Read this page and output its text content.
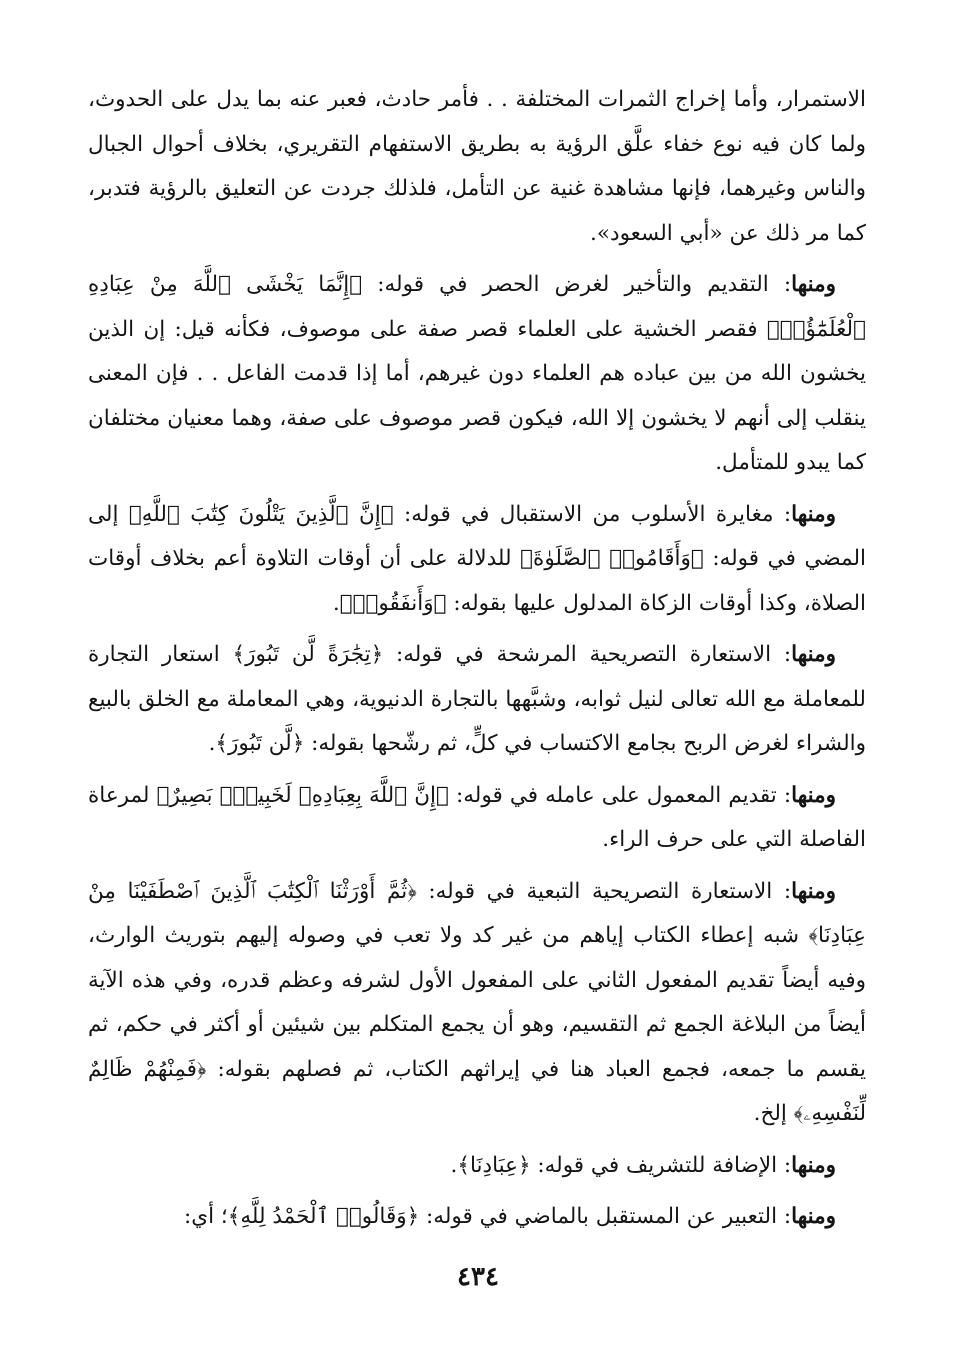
الاستمرار، وأما إخراج الثمرات المختلفة . . فأمر حادث، فعبر عنه بما يدل على الحدوث، ولما كان فيه نوع خفاء علَّق الرؤية به بطريق الاستفهام التقريري، بخلاف أحوال الجبال والناس وغيرهما، فإنها مشاهدة غنية عن التأمل، فلذلك جردت عن التعليق بالرؤية فتدبر، كما مر ذلك عن «أبي السعود».

ومنها: التقديم والتأخير لغرض الحصر في قوله: ﴿إِنَّمَا يَخْشَى ٱللَّهَ مِنْ عِبَادِهِ ٱلْعُلَمَٰٓؤُا۟﴾ فقصر الخشية على العلماء قصر صفة على موصوف، فكأنه قيل: إن الذين يخشون الله من بين عباده هم العلماء دون غيرهم، أما إذا قدمت الفاعل . . فإن المعنى ينقلب إلى أنهم لا يخشون إلا الله، فيكون قصر موصوف على صفة، وهما معنيان مختلفان كما يبدو للمتأمل.

ومنها: مغايرة الأسلوب من الاستقبال في قوله: ﴿إِنَّ ٱلَّذِينَ يَتْلُونَ كِتَٰبَ ٱللَّهِ﴾ إلى المضي في قوله: ﴿وَأَقَامُوا۟ ٱلصَّلَوٰةَ﴾ للدلالة على أن أوقات التلاوة أعم بخلاف أوقات الصلاة، وكذا أوقات الزكاة المدلول عليها بقوله: ﴿وَأَنفَقُوا۟﴾.

ومنها: الاستعارة التصريحية المرشحة في قوله: ﴿تِجَٰرَةً لَّن تَبُورَ﴾ استعار التجارة للمعاملة مع الله تعالى لنيل ثوابه، وشبَّهها بالتجارة الدنيوية، وهي المعاملة مع الخلق بالبيع والشراء لغرض الربح بجامع الاكتساب في كلٍّ، ثم رشّحها بقوله: ﴿لَّن تَبُورَ﴾.

ومنها: تقديم المعمول على عامله في قوله: ﴿إِنَّ ٱللَّهَ بِعِبَادِهِۦ لَخَبِيرٌۢ بَصِيرٌ﴾ لمرعاة الفاصلة التي على حرف الراء.

ومنها: الاستعارة التصريحية التبعية في قوله: ﴿ثُمَّ أَوْرَثْنَا ٱلْكِتَٰبَ ٱلَّذِينَ ٱصْطَفَيْنَا مِنْ عِبَادِنَا﴾ شبه إعطاء الكتاب إياهم من غير كد ولا تعب في وصوله إليهم بتوريث الوارث، وفيه أيضاً تقديم المفعول الثاني على المفعول الأول لشرفه وعظم قدره، وفي هذه الآية أيضاً من البلاغة الجمع ثم التقسيم، وهو أن يجمع المتكلم بين شيئين أو أكثر في حكم، ثم يقسم ما جمعه، فجمع العباد هنا في إيراثهم الكتاب، ثم فصلهم بقوله: ﴿فَمِنْهُمْ ظَالِمٌ لِّنَفْسِهِۦ﴾ إلخ.

ومنها: الإضافة للتشريف في قوله: ﴿عِبَادِنَا﴾.

ومنها: التعبير عن المستقبل بالماضي في قوله: ﴿وَقَالُوا۟ ٱلْحَمْدُ لِلَّهِ﴾؛ أي:

٤٣٤
